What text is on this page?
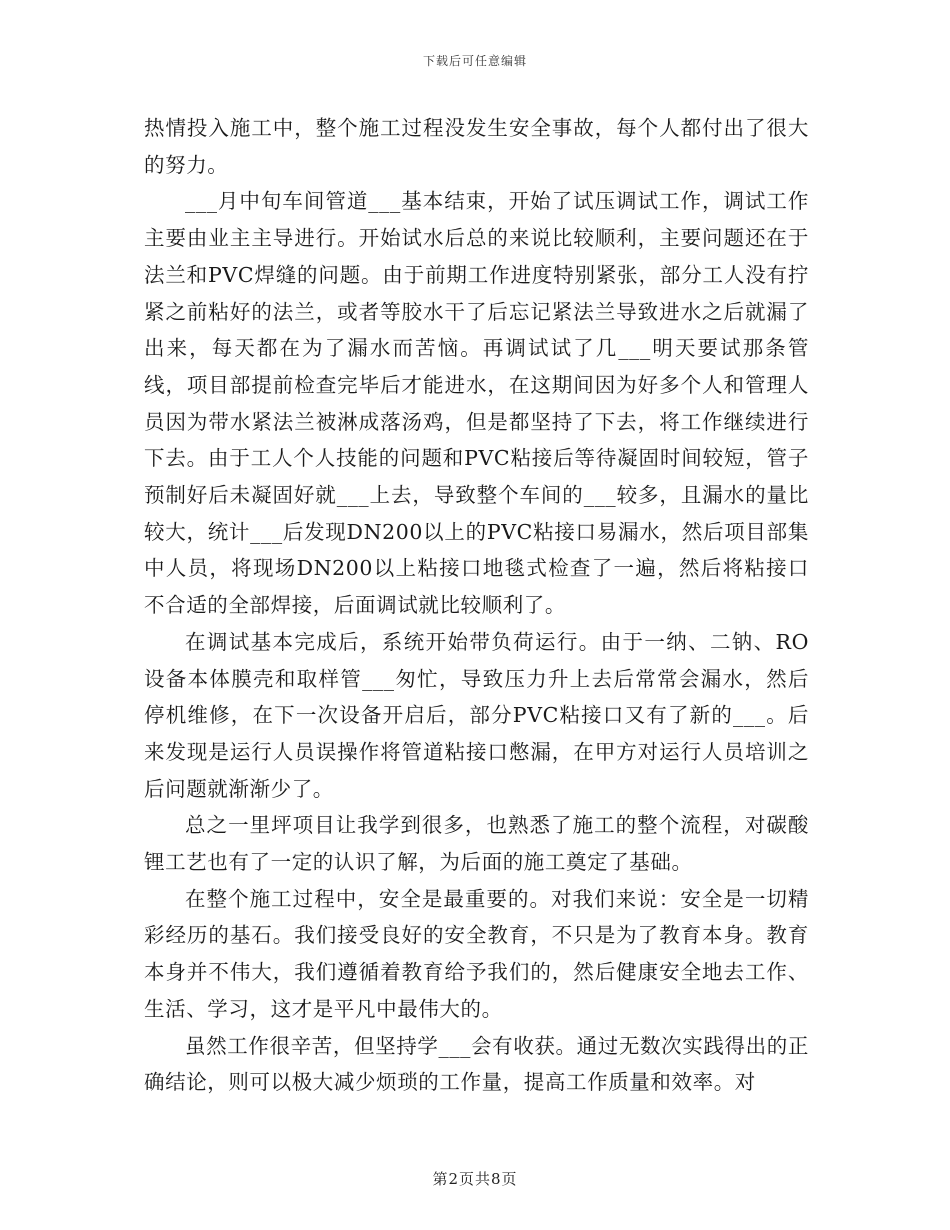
下载后可任意编辑

热情投入施工中，整个施工过程没发生安全事故，每个人都付出了很大的努力。

___月中旬车间管道___基本结束，开始了试压调试工作，调试工作主要由业主主导进行。开始试水后总的来说比较顺利，主要问题还在于法兰和PVC焊缝的问题。由于前期工作进度特别紧张，部分工人没有拧紧之前粘好的法兰，或者等胶水干了后忘记紧法兰导致进水之后就漏了出来，每天都在为了漏水而苦恼。再调试试了几___明天要试那条管线，项目部提前检查完毕后才能进水，在这期间因为好多个人和管理人员因为带水紧法兰被淋成落汤鸡，但是都坚持了下去，将工作继续进行下去。由于工人个人技能的问题和PVC粘接后等待凝固时间较短，管子预制好后未凝固好就___上去，导致整个车间的___较多，且漏水的量比较大，统计___后发现DN200以上的PVC粘接口易漏水，然后项目部集中人员，将现场DN200以上粘接口地毯式检查了一遍，然后将粘接口不合适的全部焊接，后面调试就比较顺利了。

在调试基本完成后，系统开始带负荷运行。由于一纳、二钠、RO设备本体膜壳和取样管___匆忙，导致压力升上去后常常会漏水，然后停机维修，在下一次设备开启后，部分PVC粘接口又有了新的___。后来发现是运行人员误操作将管道粘接口憋漏，在甲方对运行人员培训之后问题就渐渐少了。

总之一里坪项目让我学到很多，也熟悉了施工的整个流程，对碳酸锂工艺也有了一定的认识了解，为后面的施工奠定了基础。

在整个施工过程中，安全是最重要的。对我们来说：安全是一切精彩经历的基石。我们接受良好的安全教育，不只是为了教育本身。教育本身并不伟大，我们遵循着教育给予我们的，然后健康安全地去工作、生活、学习，这才是平凡中最伟大的。

虽然工作很辛苦，但坚持学___会有收获。通过无数次实践得出的正确结论，则可以极大减少烦琐的工作量，提高工作质量和效率。对

第2页共8页
